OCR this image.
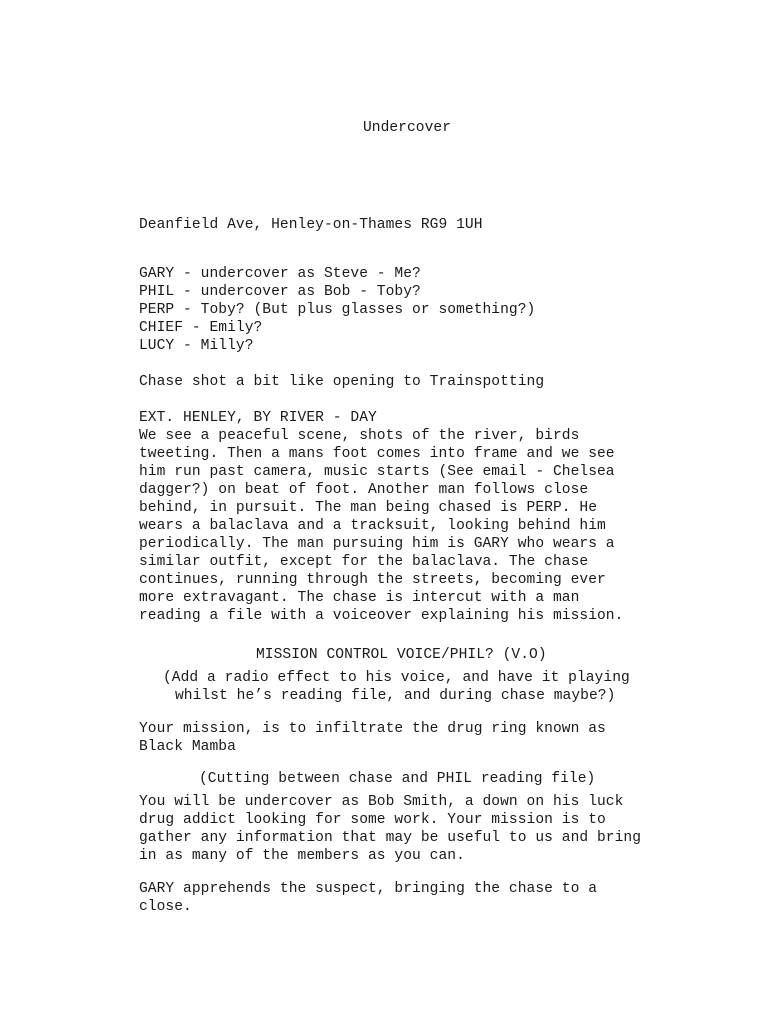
Undercover
Deanfield Ave, Henley-on-Thames RG9 1UH
GARY - undercover as Steve - Me?
PHIL - undercover as Bob - Toby?
PERP - Toby? (But plus glasses or something?)
CHIEF - Emily?
LUCY - Milly?
Chase shot a bit like opening to Trainspotting
EXT. HENLEY, BY RIVER - DAY
We see a peaceful scene, shots of the river, birds
tweeting. Then a mans foot comes into frame and we see
him run past camera, music starts (See email - Chelsea
dagger?) on beat of foot. Another man follows close
behind, in pursuit. The man being chased is PERP. He
wears a balaclava and a tracksuit, looking behind him
periodically. The man pursuing him is GARY who wears a
similar outfit, except for the balaclava. The chase
continues, running through the streets, becoming ever
more extravagant. The chase is intercut with a man
reading a file with a voiceover explaining his mission.
MISSION CONTROL VOICE/PHIL? (V.O)
(Add a radio effect to his voice, and have it playing
whilst he’s reading file, and during chase maybe?)
Your mission, is to infiltrate the drug ring known as
Black Mamba
(Cutting between chase and PHIL reading file)
You will be undercover as Bob Smith, a down on his luck
drug addict looking for some work. Your mission is to
gather any information that may be useful to us and bring
in as many of the members as you can.
GARY apprehends the suspect, bringing the chase to a
close.
